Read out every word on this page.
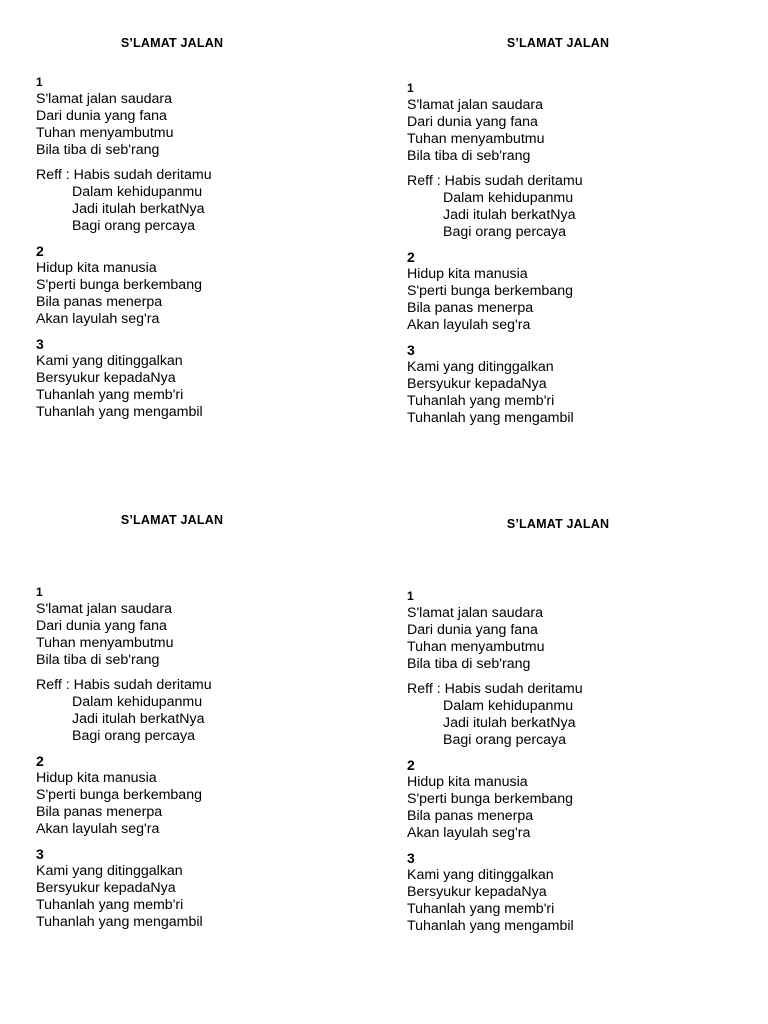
S’LAMAT JALAN
1
S'lamat jalan saudara
Dari dunia yang fana
Tuhan menyambutmu
Bila tiba di seb'rang
Reff : Habis sudah deritamu
Dalam kehidupanmu
Jadi itulah berkatNya
Bagi orang percaya
2
Hidup kita manusia
S'perti bunga berkembang
Bila panas menerpa
Akan layulah seg'ra
3
Kami yang ditinggalkan
Bersyukur kepadaNya
Tuhanlah yang memb'ri
Tuhanlah yang mengambil
S’LAMAT JALAN
1
S'lamat jalan saudara
Dari dunia yang fana
Tuhan menyambutmu
Bila tiba di seb'rang
Reff : Habis sudah deritamu
Dalam kehidupanmu
Jadi itulah berkatNya
Bagi orang percaya
2
Hidup kita manusia
S'perti bunga berkembang
Bila panas menerpa
Akan layulah seg'ra
3
Kami yang ditinggalkan
Bersyukur kepadaNya
Tuhanlah yang memb'ri
Tuhanlah yang mengambil
S’LAMAT JALAN
1
S'lamat jalan saudara
Dari dunia yang fana
Tuhan menyambutmu
Bila tiba di seb'rang
Reff : Habis sudah deritamu
Dalam kehidupanmu
Jadi itulah berkatNya
Bagi orang percaya
2
Hidup kita manusia
S'perti bunga berkembang
Bila panas menerpa
Akan layulah seg'ra
3
Kami yang ditinggalkan
Bersyukur kepadaNya
Tuhanlah yang memb'ri
Tuhanlah yang mengambil
S’LAMAT JALAN
1
S'lamat jalan saudara
Dari dunia yang fana
Tuhan menyambutmu
Bila tiba di seb'rang
Reff : Habis sudah deritamu
Dalam kehidupanmu
Jadi itulah berkatNya
Bagi orang percaya
2
Hidup kita manusia
S'perti bunga berkembang
Bila panas menerpa
Akan layulah seg'ra
3
Kami yang ditinggalkan
Bersyukur kepadaNya
Tuhanlah yang memb'ri
Tuhanlah yang mengambil
